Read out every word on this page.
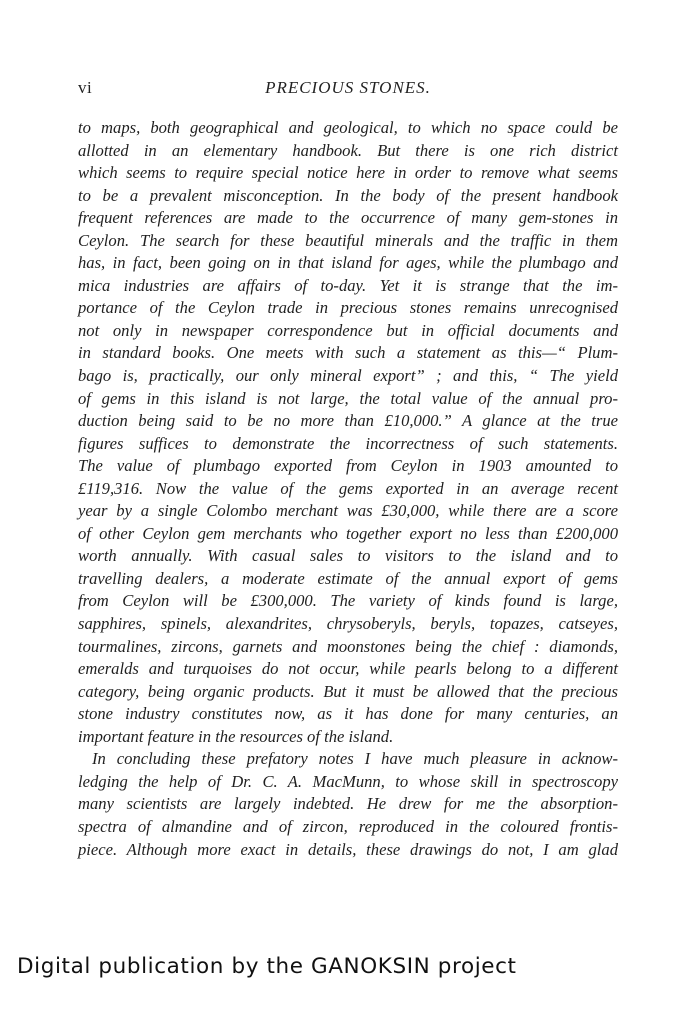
vi	PRECIOUS STONES.
to maps, both geographical and geological, to which no space could be
allotted in an elementary handbook. But there is one rich district
which seems to require special notice here in order to remove what seems
to be a prevalent misconception. In the body of the present handbook
frequent references are made to the occurrence of many gem-stones in
Ceylon. The search for these beautiful minerals and the traffic in them
has, in fact, been going on in that island for ages, while the plumbago and
mica industries are affairs of to-day. Yet it is strange that the im-
portance of the Ceylon trade in precious stones remains unrecognised
not only in newspaper correspondence but in official documents and
in standard books. One meets with such a statement as this—“ Plum-
bago is, practically, our only mineral export” ; and this, “ The yield
of gems in this island is not large, the total value of the annual pro-
duction being said to be no more than £10,000.” A glance at the true
figures suffices to demonstrate the incorrectness of such statements.
The value of plumbago exported from Ceylon in 1903 amounted to
£119,316. Now the value of the gems exported in an average recent
year by a single Colombo merchant was £30,000, while there are a score
of other Ceylon gem merchants who together export no less than £200,000
worth annually. With casual sales to visitors to the island and to
travelling dealers, a moderate estimate of the annual export of gems
from Ceylon will be £300,000. The variety of kinds found is large,
sapphires, spinels, alexandrites, chrysoberyls, beryls, topazes, catseyes,
tourmalines, zircons, garnets and moonstones being the chief : diamonds,
emeralds and turquoises do not occur, while pearls belong to a different
category, being organic products. But it must be allowed that the precious
stone industry constitutes now, as it has done for many centuries, an
important feature in the resources of the island.
In concluding these prefatory notes I have much pleasure in acknow-
ledging the help of Dr. C. A. MacMunn, to whose skill in spectroscopy
many scientists are largely indebted. He drew for me the absorption-
spectra of almandine and of zircon, reproduced in the coloured frontis-
piece. Although more exact in details, these drawings do not, I am glad
Digital publication by the GANOKSIN project
